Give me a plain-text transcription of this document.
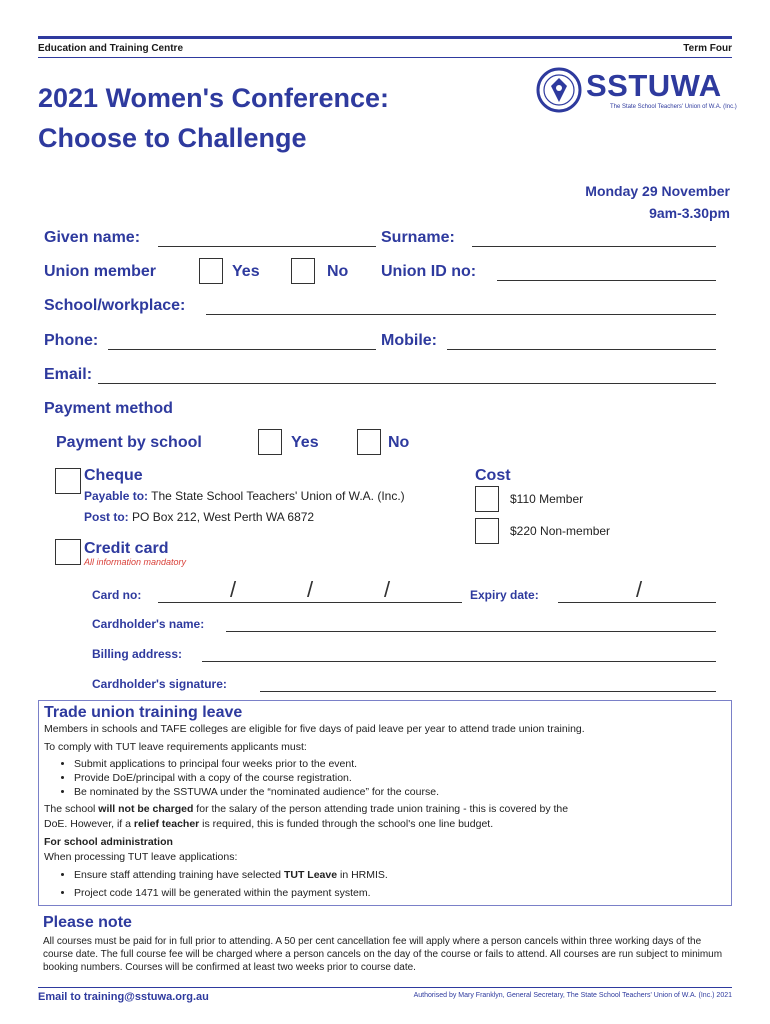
Education and Training Centre	Term Four
2021 Women's Conference:
Choose to Challenge
SSTUWA
The State School Teachers' Union of W.A. (Inc.)
Monday 29 November
9am-3.30pm
Given name:	Surname:
Union member	Yes	No Union ID no:
School/workplace:
Phone:	Mobile:
Email:
Payment method
Payment by school	Yes	No
Cheque
Payable to: The State School Teachers' Union of W.A. (Inc.)
Post to: PO Box 212, West Perth WA 6872
Cost
$110 Member
$220 Non-member
Credit card
All information mandatory
Card no:	/	/	/	Expiry date:	/
Cardholder's name:
Billing address:
Cardholder's signature:
Trade union training leave
Members in schools and TAFE colleges are eligible for five days of paid leave per year to attend trade union training.
To comply with TUT leave requirements applicants must:
• Submit applications to principal four weeks prior to the event.
• Provide DoE/principal with a copy of the course registration.
• Be nominated by the SSTUWA under the “nominated audience” for the course.
The school will not be charged for the salary of the person attending trade union training - this is covered by the
DoE. However, if a relief teacher is required, this is funded through the school's one line budget.
For school administration
When processing TUT leave applications:
• Ensure staff attending training have selected TUT Leave in HRMIS.
• Project code 1471 will be generated within the payment system.
Please note
All courses must be paid for in full prior to attending. A 50 per cent cancellation fee will apply where a person cancels within three working days of the course date. The full course fee will be charged where a person cancels on the day of the course or fails to attend. All courses are run subject to minimum booking numbers. Courses will be confirmed at least two weeks prior to course date.
Email to training@sstuwa.org.au	Authorised by Mary Franklyn, General Secretary, The State School Teachers' Union of W.A. (Inc.) 2021
